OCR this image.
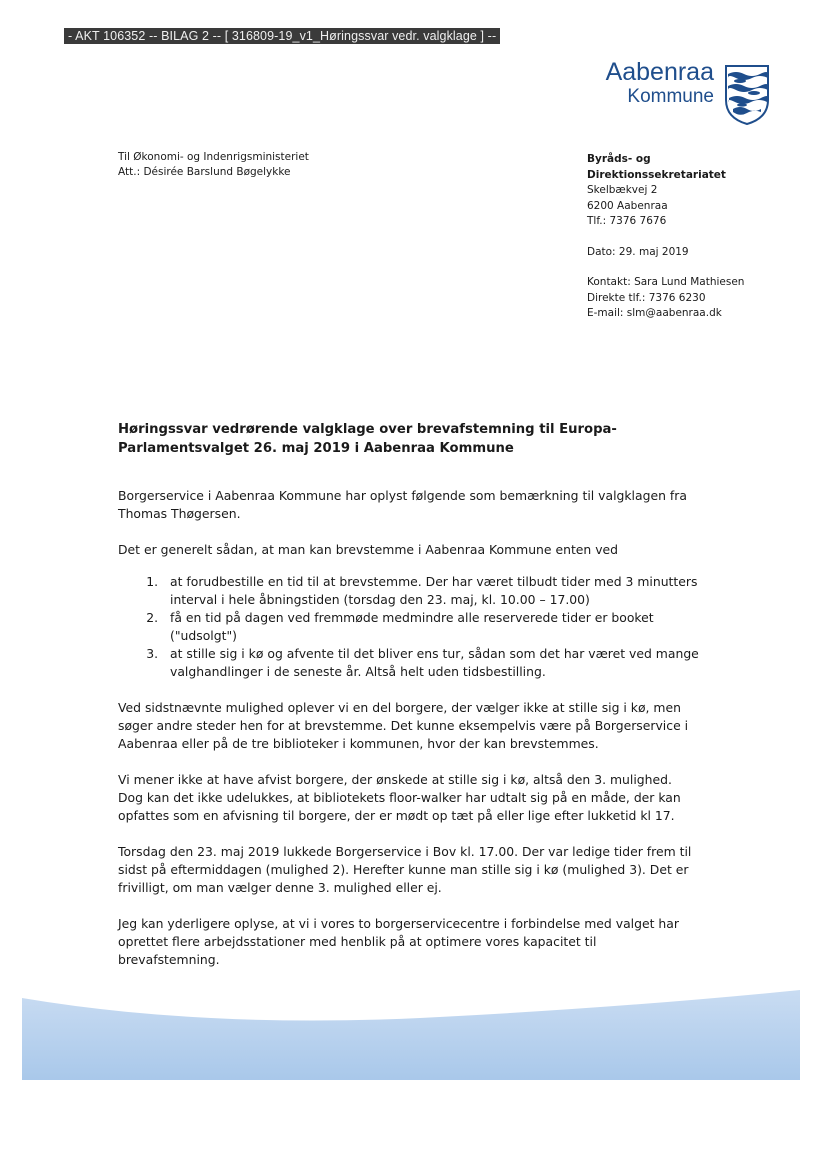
- AKT 106352 -- BILAG 2 -- [ 316809-19_v1_Høringssvar vedr. valgklage ] --
Aabenraa
Kommune
Til Økonomi- og Indenrigsministeriet
Att.: Désirée Barslund Bøgelykke
Byråds- og
Direktionssekretariatet
Skelbækvej 2
6200 Aabenraa
Tlf.: 7376 7676
Dato: 29. maj 2019
Kontakt: Sara Lund Mathiesen
Direkte tlf.: 7376 6230
E-mail: slm@aabenraa.dk
Høringssvar vedrørende valgklage over brevafstemning til Europa-
Parlamentsvalget 26. maj 2019 i Aabenraa Kommune

Borgerservice i Aabenraa Kommune har oplyst følgende som bemærkning til valgklagen fra Thomas Thøgersen.

Det er generelt sådan, at man kan brevstemme i Aabenraa Kommune enten ved

1. at forudbestille en tid til at brevstemme. Der har været tilbudt tider med 3 minutters interval i hele åbningstiden (torsdag den 23. maj, kl. 10.00 – 17.00)
2. få en tid på dagen ved fremmøde medmindre alle reserverede tider er booket ("udsolgt")
3. at stille sig i kø og afvente til det bliver ens tur, sådan som det har været ved mange valghandlinger i de seneste år. Altså helt uden tidsbestilling.

Ved sidstnævnte mulighed oplever vi en del borgere, der vælger ikke at stille sig i kø, men søger andre steder hen for at brevstemme. Det kunne eksempelvis være på Borgerservice i Aabenraa eller på de tre biblioteker i kommunen, hvor der kan brevstemmes.

Vi mener ikke at have afvist borgere, der ønskede at stille sig i kø, altså den 3. mulighed. Dog kan det ikke udelukkes, at bibliotekets floor-walker har udtalt sig på en måde, der kan opfattes som en afvisning til borgere, der er mødt op tæt på eller lige efter lukketid kl 17.

Torsdag den 23. maj 2019 lukkede Borgerservice i Bov kl. 17.00. Der var ledige tider frem til sidst på eftermiddagen (mulighed 2). Herefter kunne man stille sig i kø (mulighed 3). Det er frivilligt, om man vælger denne 3. mulighed eller ej.

Jeg kan yderligere oplyse, at vi i vores to borgerservicecentre i forbindelse med valget har oprettet flere arbejdsstationer med henblik på at optimere vores kapacitet til brevafstemning.
